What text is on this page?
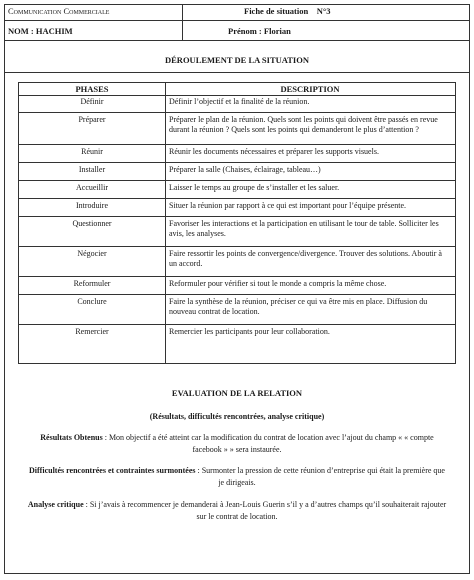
Communication Commerciale	Fiche de situation N°3
NOM : HACHIM	Prénom : Florian
DÉROULEMENT DE LA SITUATION
PHASES	DESCRIPTION
Définir	Définir l’objectif et la finalité de la réunion.
Préparer	Préparer le plan de la réunion. Quels sont les points qui doivent être passés en revue
durant la réunion ? Quels sont les points qui demanderont le plus d’attention ?
Réunir	Réunir les documents nécessaires et préparer les supports visuels.
Installer	Préparer la salle (Chaises, éclairage, tableau…)
Accueillir	Laisser le temps au groupe de s’installer et les saluer.
Introduire	Situer la réunion par rapport à ce qui est important pour l’équipe présente.
Questionner	Favoriser les interactions et la participation en utilisant le tour de table. Solliciter les
avis, les analyses.
Négocier	Faire ressortir les points de convergence/divergence. Trouver des solutions. Aboutir à
un accord.
Reformuler	Reformuler pour vérifier si tout le monde a compris la même chose.
Conclure	Faire la synthèse de la réunion, préciser ce qui va être mis en place. Diffusion du
nouveau contrat de location.
Remercier	Remercier les participants pour leur collaboration.
EVALUATION DE LA RELATION
(Résultats, difficultés rencontrées, analyse critique)
Résultats Obtenus : Mon objectif a été atteint car la modification du contrat de location avec l’ajout du champ « « compte
facebook » » sera instaurée.
Difficultés rencontrées et contraintes surmontées : Surmonter la pression de cette réunion d’entreprise qui était la première que
je dirigeais.
Analyse critique : Si j’avais à recommencer je demanderai à Jean-Louis Guerin s’il y a d’autres champs qu’il souhaiterait rajouter
sur le contrat de location.
